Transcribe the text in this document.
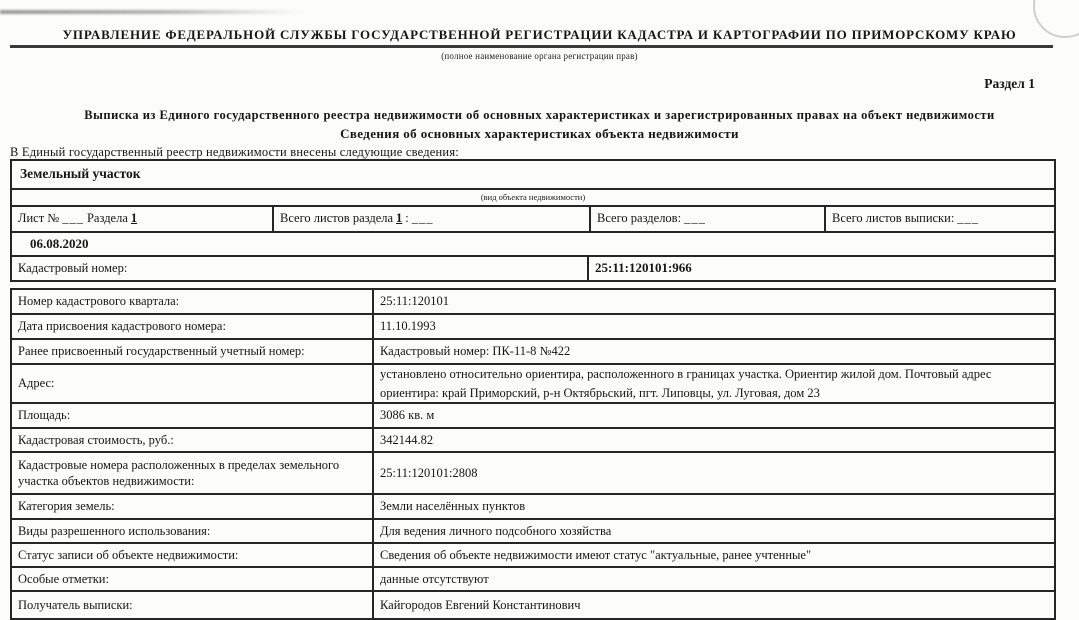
УПРАВЛЕНИЕ ФЕДЕРАЛЬНОЙ СЛУЖБЫ ГОСУДАРСТВЕННОЙ РЕГИСТРАЦИИ КАДАСТРА И КАРТОГРАФИИ ПО ПРИМОРСКОМУ КРАЮ
(полное наименование органа регистрации прав)
Раздел 1
Выписка из Единого государственного реестра недвижимости об основных характеристиках и зарегистрированных правах на объект недвижимости
Сведения об основных характеристиках объекта недвижимости
В Единый государственный реестр недвижимости внесены следующие сведения:
Земельный участок
(вид объекта недвижимости)
Лист № ___ Раздела 1	Всего листов раздела 1 : ___	Всего разделов: ___	Всего листов выписки: ___
06.08.2020
Кадастровый номер:	25:11:120101:966
Номер кадастрового квартала:	25:11:120101
Дата присвоения кадастрового номера:	11.10.1993
Ранее присвоенный государственный учетный номер:	Кадастровый номер: ПК-11-8 №422
Адрес:
установлено относительно ориентира, расположенного в границах участка. Ориентир жилой дом. Почтовый адрес ориентира: край Приморский, р-н Октябрьский, пгт. Липовцы, ул. Луговая, дом 23
Площадь:	3086 кв. м
Кадастровая стоимость, руб.:	342144.82
Кадастровые номера расположенных в пределах земельного участка объектов недвижимости:
25:11:120101:2808
Категория земель:	Земли населённых пунктов
Виды разрешенного использования:	Для ведения личного подсобного хозяйства
Статус записи об объекте недвижимости:	Сведения об объекте недвижимости имеют статус "актуальные, ранее учтенные"
Особые отметки:	данные отсутствуют
Получатель выписки:	Кайгородов Евгений Константинович
